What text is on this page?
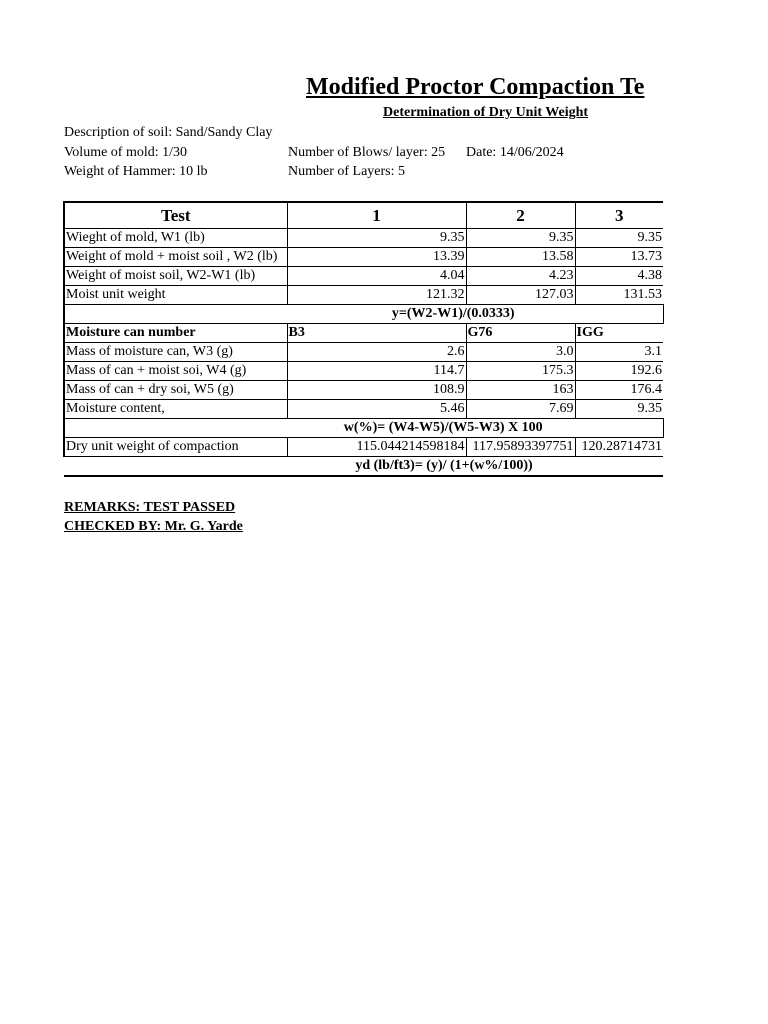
Modified Proctor Compaction Te
Determination of Dry Unit Weight
Description of soil: Sand/Sandy Clay
Volume of mold: 1/30
Weight of Hammer: 10 lb
Number of Blows/ layer: 25
Number of Layers: 5
Date: 14/06/2024
Test	1	2	3
Wieght of mold, W1 (lb)	9.35	9.35	9.35
Weight of mold + moist soil , W2 (lb)	13.39	13.58	13.73
Weight of moist soil, W2-W1 (lb)	4.04	4.23	4.38
Moist unit weight	121.32	127.03	131.53
y=(W2-W1)/(0.0333)			
Moisture can number	B3	G76	IGG
Mass of moisture can, W3 (g)	2.6	3.0	3.1
Mass of can + moist soi, W4 (g)	114.7	175.3	192.6
Mass of can + dry soi, W5 (g)	108.9	163	176.4
Moisture content,	5.46	7.69	9.35
w(%)= (W4-W5)/(W5-W3) X 100			
Dry unit weight of compaction	115.044214598184	117.95893397751	120.28714731
yd (lb/ft3)= (y)/ (1+(w%/100))			
REMARKS: TEST PASSED
CHECKED BY: Mr. G. Yarde
